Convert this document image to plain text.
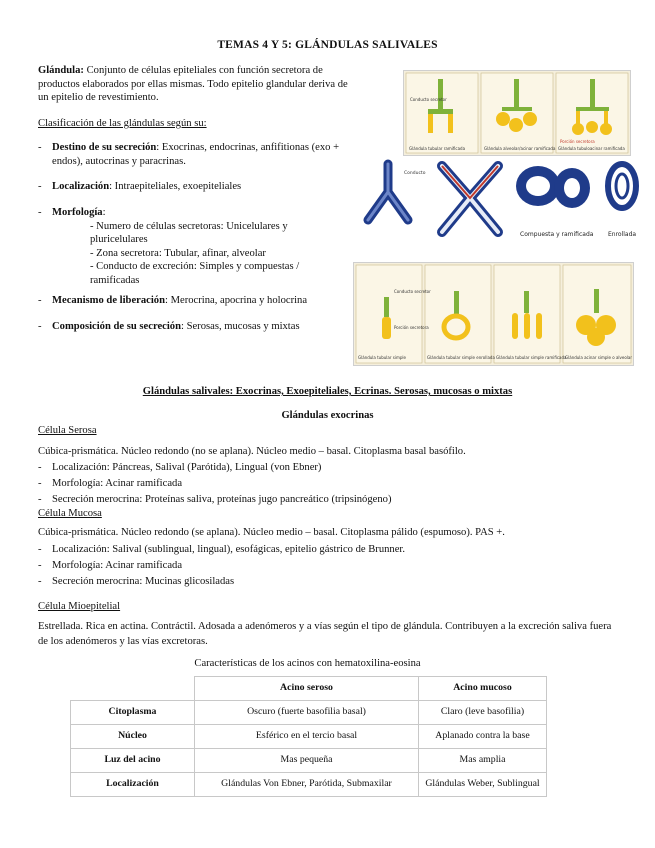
TEMAS 4 Y 5: GLÁNDULAS SALIVALES
Glándula: Conjunto de células epiteliales con función secretora de productos elaborados por ellas mismas. Todo epitelio glandular deriva de un epitelio de revestimiento.
Clasificación de las glándulas según su:
- Destino de su secreción: Exocrinas, endocrinas, anfifitionas (exo + endos), autocrinas y paracrinas.
- Localización: Intraepiteliales, exoepiteliales
- Morfología:
- Numero de células secretoras: Unicelulares y pluricelulares
- Zona secretora: Tubular, afinar, alveolar
- Conducto de excreción: Simples y compuestas / ramificadas
- Mecanismo de liberación: Merocrina, apocrina y holocrina
- Composición de su secreción: Serosas, mucosas y mixtas
Conducto secretor
Porción secretora
Glándula tubular ramificada	Glándula alveolar/acinar ramificada Glándula tubuloacinar ramificada
Conducto
Compuesta y ramificada Enrollada
Conducto secretor
Porción secretora
Glándula tubular simple	Glándula tubular simple enrollada Glándula tubular simple ramificada
Glándula acinar simple o alveolar
Glándulas salivales: Exocrinas, Exoepiteliales, Ecrinas. Serosas, mucosas o mixtas
Glándulas exocrinas
Célula Serosa
Cúbica-prismática. Núcleo redondo (no se aplana). Núcleo medio – basal. Citoplasma basal basófilo.
- Localización: Páncreas, Salival (Parótida), Lingual (von Ebner)
- Morfología: Acinar ramificada
- Secreción merocrina: Proteínas saliva, proteínas jugo pancreático (tripsinógeno)
Célula Mucosa
Cúbica-prismática. Núcleo redondo (se aplana). Núcleo medio – basal. Citoplasma pálido (espumoso). PAS +.
- Localización: Salival (sublingual, lingual), esofágicas, epitelio gástrico de Brunner.
- Morfología: Acinar ramificada
- Secreción merocrina: Mucinas glicosiladas
Célula Mioepitelial
Estrellada. Rica en actina. Contráctil. Adosada a adenómeros y a vías según el tipo de glándula. Contribuyen a la excreción saliva fuera de los adenómeros y las vías excretoras.
Características de los acinos con hematoxilina-eosina
	Acino seroso	Acino mucoso
Citoplasma	Oscuro (fuerte basofilia basal)	Claro (leve basofilia)
Núcleo	Esférico en el tercio basal	Aplanado contra la base
Luz del acino	Mas pequeña	Mas amplia
Localización	Glándulas Von Ebner, Parótida, Submaxilar	Glándulas Weber, Sublingual
